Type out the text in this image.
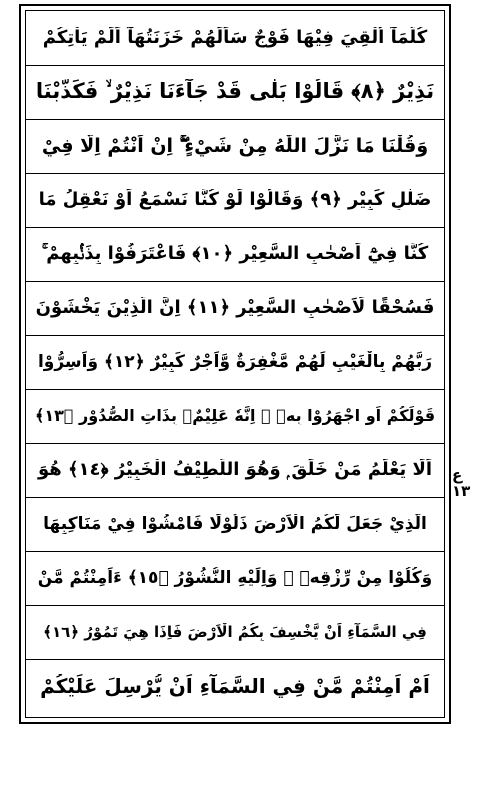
كُلَّمَآ اُلْقِيَ فِيْهَا فَوْجٌ سَاَلَهُمْ خَزَنَتُهَآ اَلَمْ يَاْتِكُمْ
نَذِيْرٌ ﴿٨﴾ قَالُوْا بَلٰى قَدْ جَآءَنَا نَذِيْرٌ ۙ فَكَذَّبْنَا
وَقُلْنَا مَا نَزَّلَ اللّٰهُ مِنْ شَيْءٍ ۖۚ اِنْ اَنْتُمْ اِلَّا فِيْ
ضَلٰلٍ كَبِيْرٍ ﴿٩﴾ وَقَالُوْا لَوْ كُنَّا نَسْمَعُ اَوْ نَعْقِلُ مَا
كُنَّا فِيْٓ اَصْحٰبِ السَّعِيْرِ ﴿١٠﴾ فَاعْتَرَفُوْا بِذَنْۢبِهِمْ ۚ
فَسُحْقًا لِّاَصْحٰبِ السَّعِيْرِ ﴿١١﴾ اِنَّ الَّذِيْنَ يَخْشَوْنَ
رَبَّهُمْ بِالْغَيْبِ لَهُمْ مَّغْفِرَةٌ وَّاَجْرٌ كَبِيْرٌ ﴿١٢﴾ وَاَسِرُّوْا
قَوْلَكُمْ اَوِ اجْهَرُوْا بِهٖ ۭ اِنَّهٗ عَلِيْمٌۢ بِذَاتِ الصُّدُوْرِ ﴿١٣﴾
اَلَا يَعْلَمُ مَنْ خَلَقَ ۭ وَهُوَ اللَّطِيْفُ الْخَبِيْرُ ﴿١٤﴾ هُوَ
الَّذِيْ جَعَلَ لَكُمُ الْاَرْضَ ذَلُوْلًا فَامْشُوْا فِيْ مَنَاكِبِهَا
وَكُلُوْا مِنْ رِّزْقِهٖ ۭ وَاِلَيْهِ النُّشُوْرُ ﴿١٥﴾ ءَاَمِنْتُمْ مَّنْ
فِي السَّمَآءِ اَنْ يَّخْسِفَ بِكُمُ الْاَرْضَ فَاِذَا هِيَ تَمُوْرُ ﴿١٦﴾
اَمْ اَمِنْتُمْ مَّنْ فِي السَّمَآءِ اَنْ يُّرْسِلَ عَلَيْكُمْ
ع ١٣
